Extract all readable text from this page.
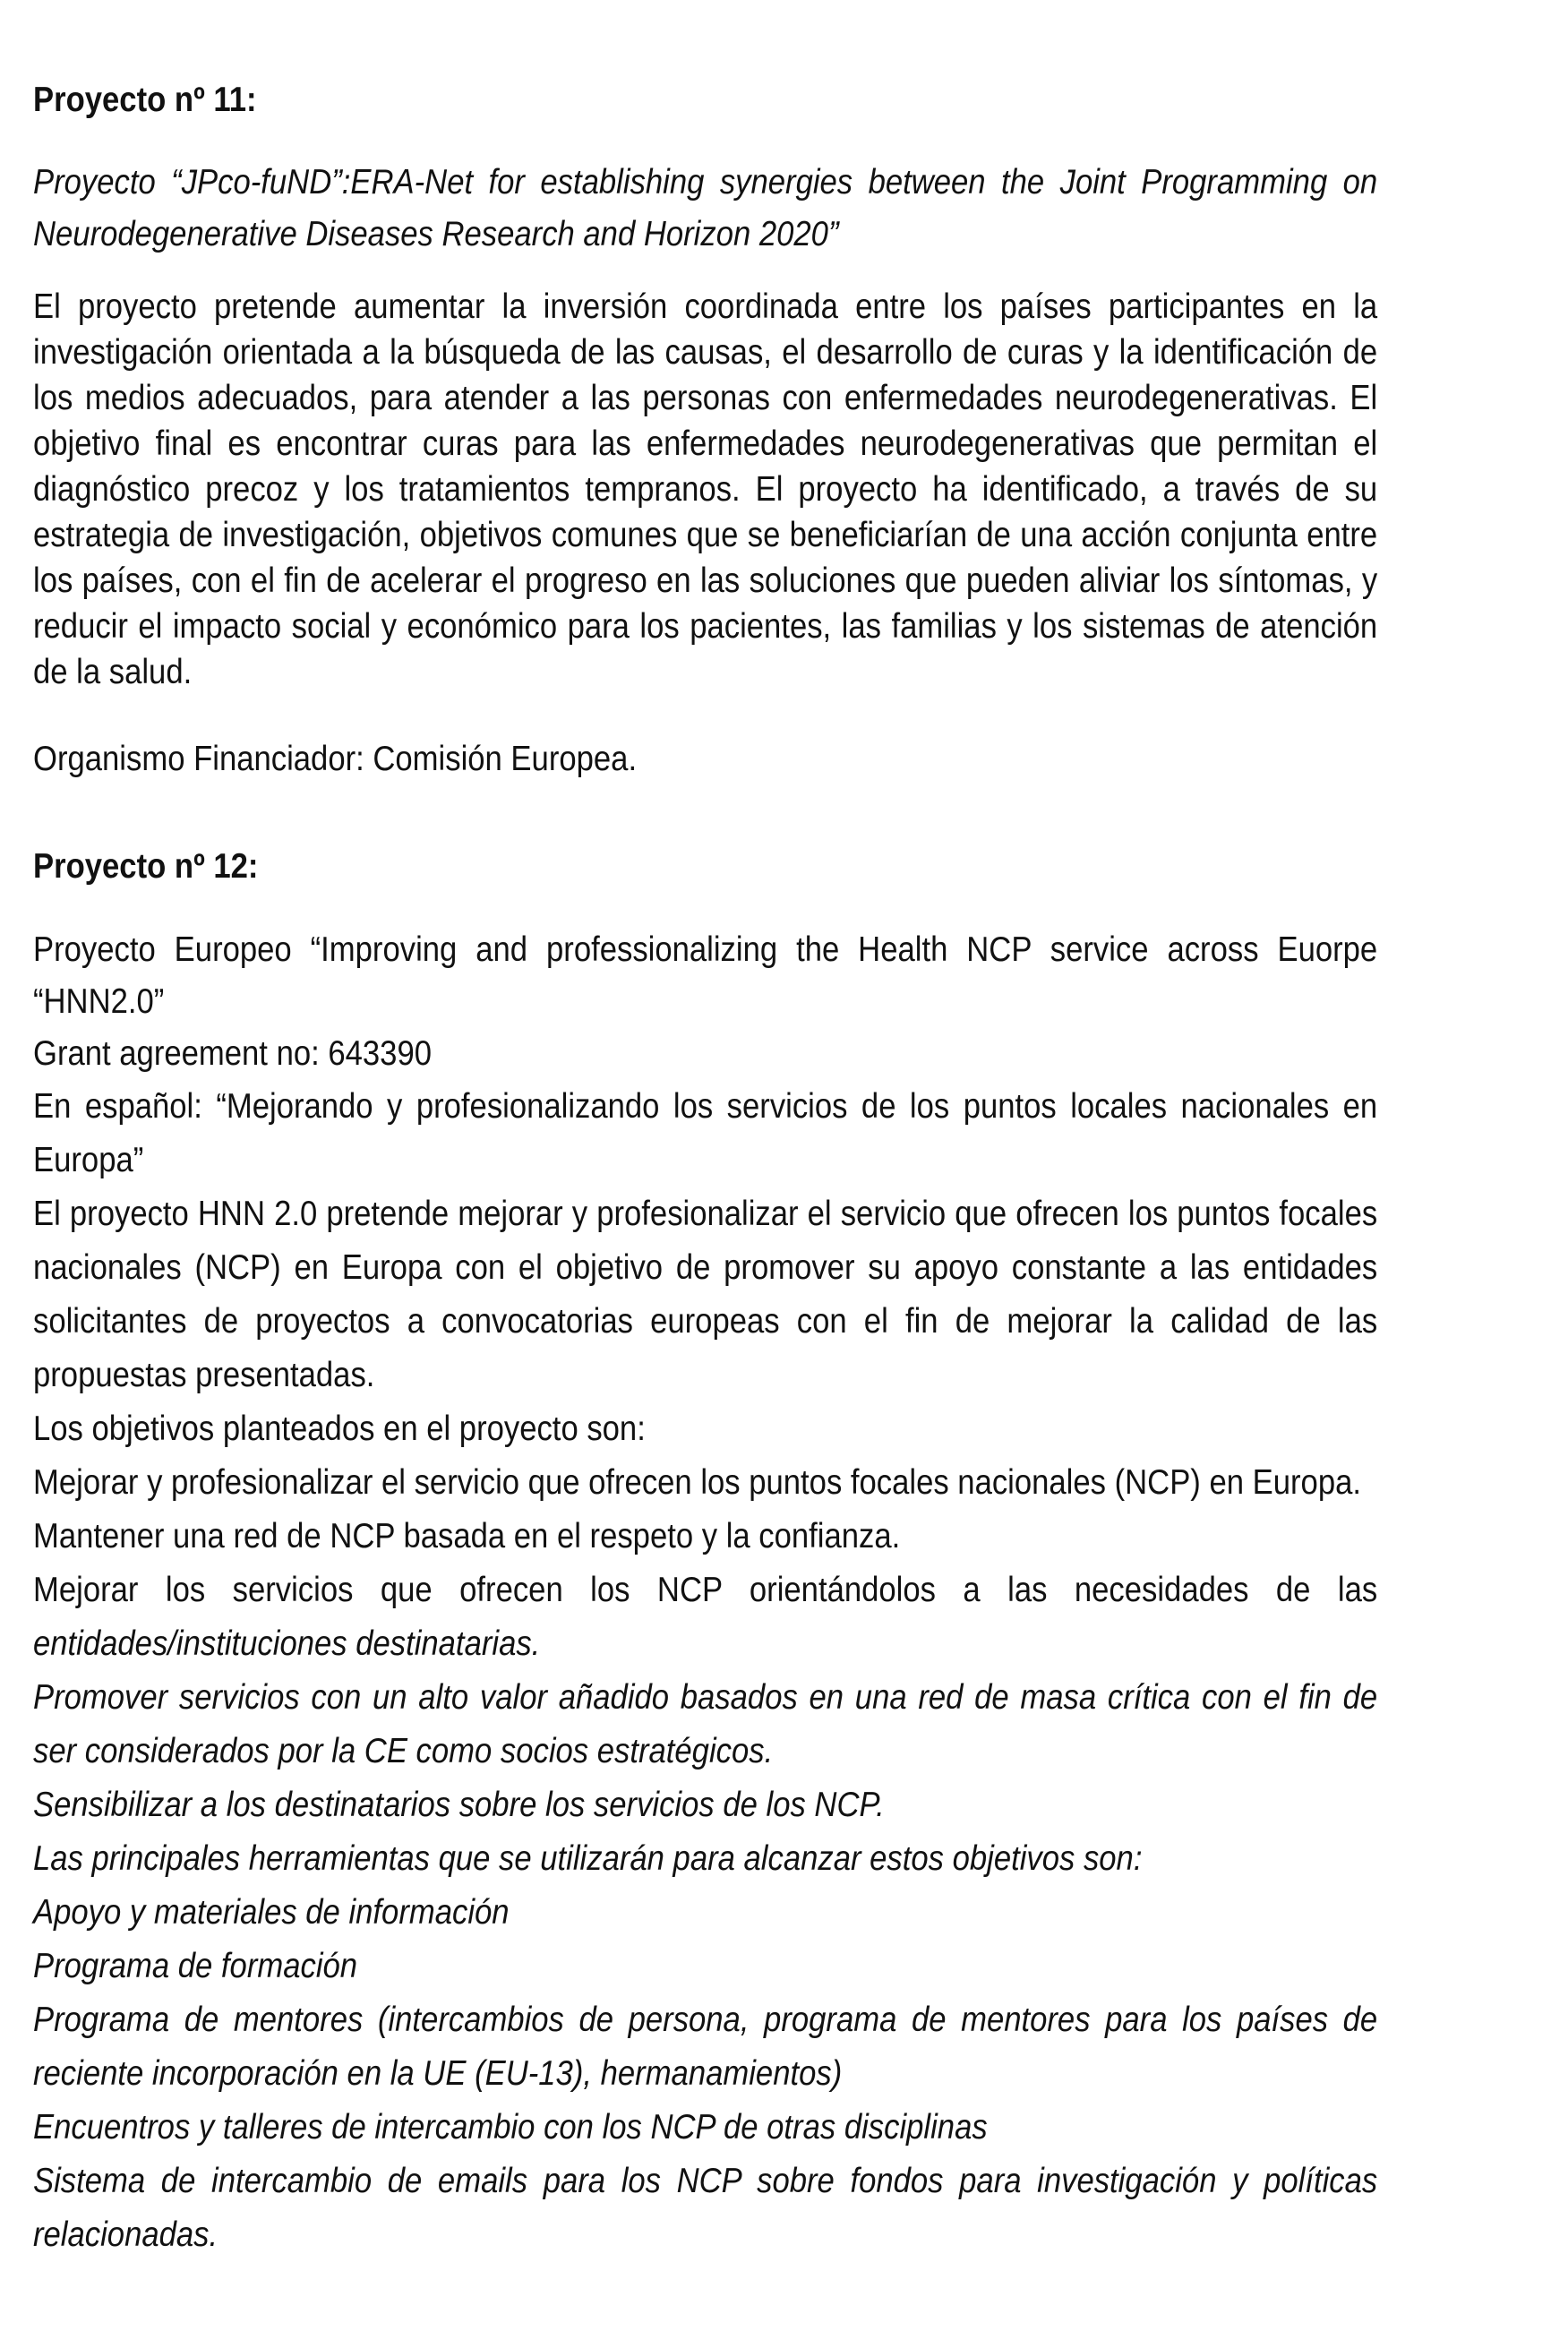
Proyecto nº 11:

Proyecto “JPco-fuND”:ERA-Net for establishing synergies between the Joint Programming on Neurodegenerative Diseases Research and Horizon 2020”

El proyecto pretende aumentar la inversión coordinada entre los países participantes en la investigación orientada a la búsqueda de las causas, el desarrollo de curas y la identificación de los medios adecuados, para atender a las personas con enfermedades neurodegenerativas. El objetivo final es encontrar curas para las enfermedades neurodegenerativas que permitan el diagnóstico precoz y los tratamientos tempranos. El proyecto ha identificado, a través de su estrategia de investigación, objetivos comunes que se beneficiarían de una acción conjunta entre los países, con el fin de acelerar el progreso en las soluciones que pueden aliviar los síntomas, y reducir el impacto social y económico para los pacientes, las familias y los sistemas de atención de la salud.

Organismo Financiador: Comisión Europea.

Proyecto nº 12:

Proyecto Europeo “Improving and professionalizing the Health NCP service across Euorpe “HNN2.0”

Grant agreement no: 643390

En español: “Mejorando y profesionalizando los servicios de los puntos locales nacionales en Europa”

El proyecto HNN 2.0 pretende mejorar y profesionalizar el servicio que ofrecen los puntos focales nacionales (NCP) en Europa con el objetivo de promover su apoyo constante a las entidades solicitantes de proyectos a convocatorias europeas con el fin de mejorar la calidad de las propuestas presentadas.

Los objetivos planteados en el proyecto son:

Mejorar y profesionalizar el servicio que ofrecen los puntos focales nacionales (NCP) en Europa.

Mantener una red de NCP basada en el respeto y la confianza.

Mejorar los servicios que ofrecen los NCP orientándolos a las necesidades de las entidades/instituciones destinatarias.

Promover servicios con un alto valor añadido basados en una red de masa crítica con el fin de ser considerados por la CE como socios estratégicos.

Sensibilizar a los destinatarios sobre los servicios de los NCP.

Las principales herramientas que se utilizarán para alcanzar estos objetivos son:

Apoyo y materiales de información

Programa de formación

Programa de mentores (intercambios de persona, programa de mentores para los países de reciente incorporación en la UE (EU-13), hermanamientos)

Encuentros y talleres de intercambio con los NCP de otras disciplinas

Sistema de intercambio de emails para los NCP sobre fondos para investigación y políticas relacionadas.
